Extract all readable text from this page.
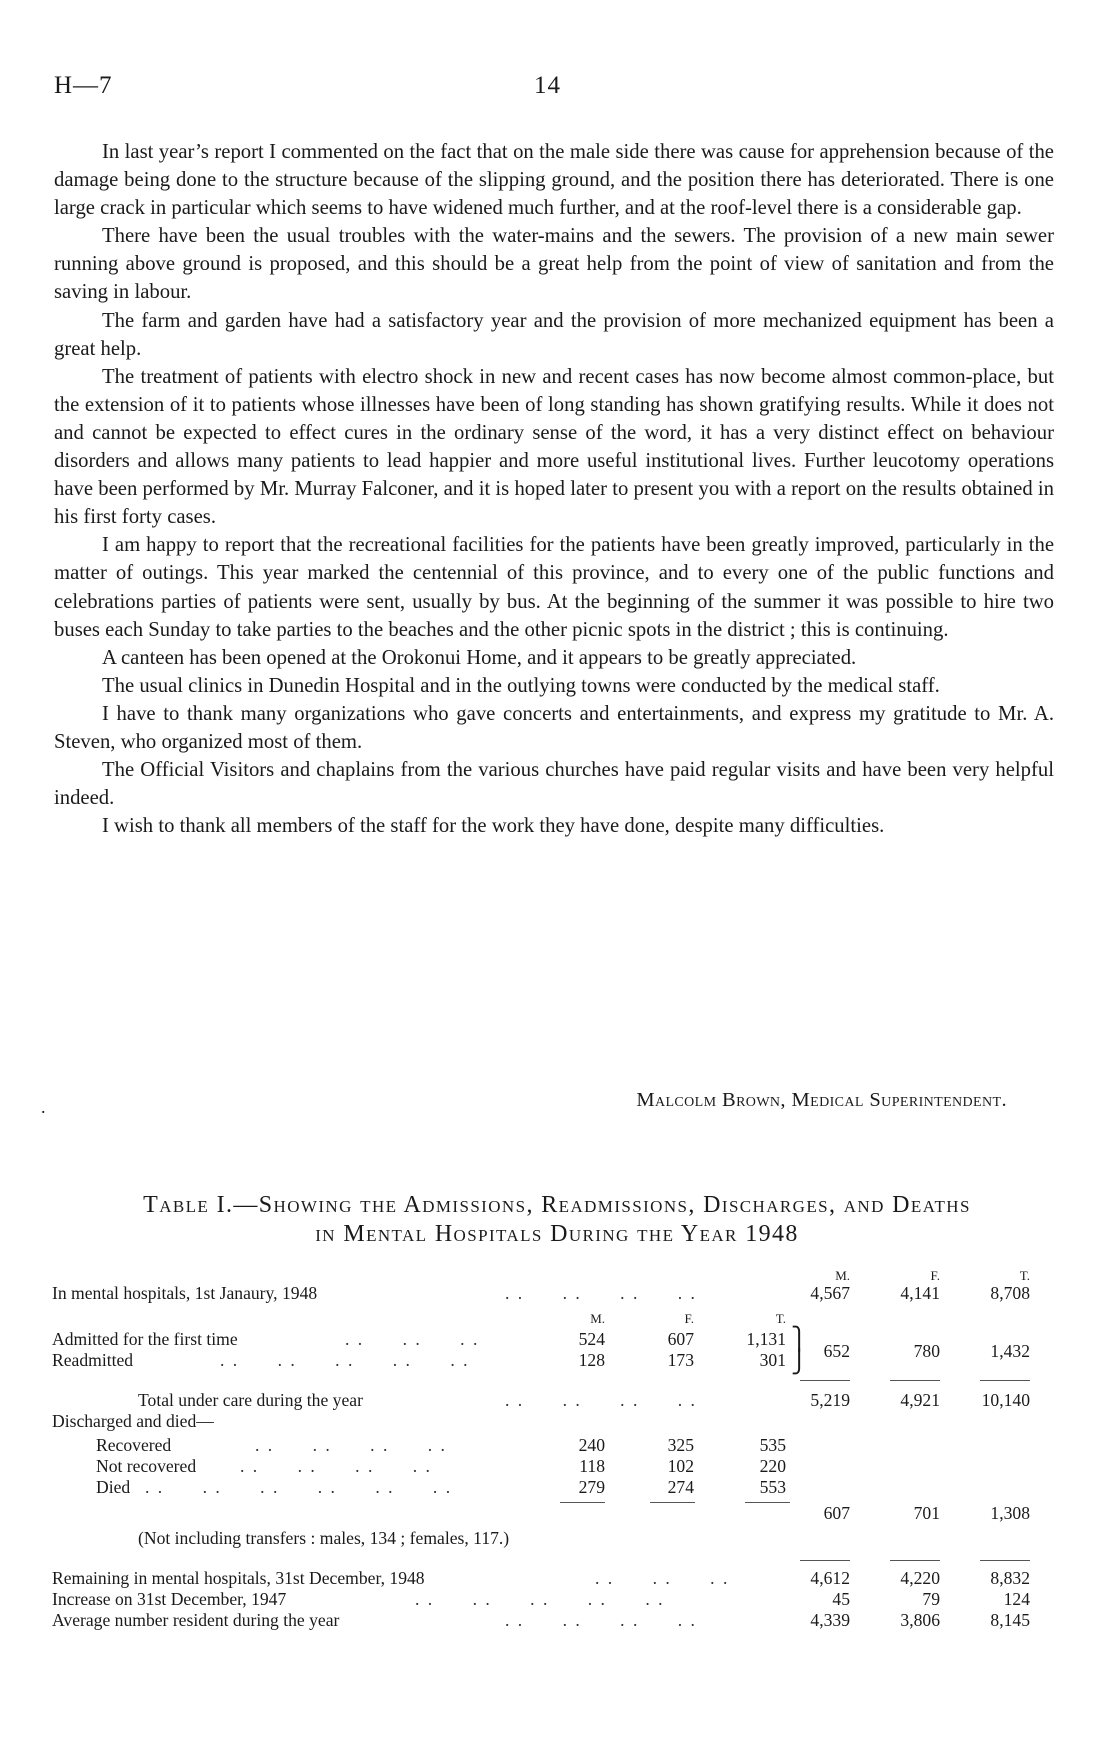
H—7	14

In last year’s report I commented on the fact that on the male side there was cause for apprehension because of the damage being done to the structure because of the slipping ground, and the position there has deteriorated. There is one large crack in particular which seems to have widened much further, and at the roof-level there is a considerable gap.

There have been the usual troubles with the water-mains and the sewers. The provision of a new main sewer running above ground is proposed, and this should be a great help from the point of view of sanitation and from the saving in labour.

The farm and garden have had a satisfactory year and the provision of more mechanized equipment has been a great help.

The treatment of patients with electro shock in new and recent cases has now become almost common-place, but the extension of it to patients whose illnesses have been of long standing has shown gratifying results. While it does not and cannot be expected to effect cures in the ordinary sense of the word, it has a very distinct effect on behaviour disorders and allows many patients to lead happier and more useful institutional lives. Further leucotomy operations have been performed by Mr. Murray Falconer, and it is hoped later to present you with a report on the results obtained in his first forty cases.

I am happy to report that the recreational facilities for the patients have been greatly improved, particularly in the matter of outings. This year marked the centennial of this province, and to every one of the public functions and celebrations parties of patients were sent, usually by bus. At the beginning of the summer it was possible to hire two buses each Sunday to take parties to the beaches and the other picnic spots in the district ; this is continuing.

A canteen has been opened at the Orokonui Home, and it appears to be greatly appreciated.

The usual clinics in Dunedin Hospital and in the outlying towns were conducted by the medical staff.

I have to thank many organizations who gave concerts and entertainments, and express my gratitude to Mr. A. Steven, who organized most of them.

The Official Visitors and chaplains from the various churches have paid regular visits and have been very helpful indeed.

I wish to thank all members of the staff for the work they have done, despite many difficulties.

.	Malcolm Brown, Medical Superintendent.
Table I.—Showing the Admissions, Readmissions, Discharges, and Deaths
in Mental Hospitals During the Year 1948
M.	F.	T.
In mental hospitals, 1st Janaury, 1948	. .      . .      . .      . .	4,567	4,141	8,708
M.	F.	T.
Admitted for the first time	. .      . .      . .	524	607	1,131
Readmitted	. .      . .      . .      . .      . .	128	173	301
⎫
⎭ 652	780	1,432
Total under care during the year	. .      . .      . .      . .	5,219	4,921	10,140
Discharged and died—
Recovered	. .      . .      . .      . .	240	325	535
Not recovered . .      . .      . .      . .	118	102	220
Died . .      . .      . .      . .      . .      . .	279	274	553
607	701	1,308
(Not including transfers : males, 134 ; females, 117.)
Remaining in mental hospitals, 31st December, 1948	. .      . .      . .	4,612	4,220	8,832
Increase on 31st December, 1947	. .      . .      . .      . .      . .	45	79	124
Average number resident during the year	. .      . .      . .      . .	4,339	3,806	8,145
